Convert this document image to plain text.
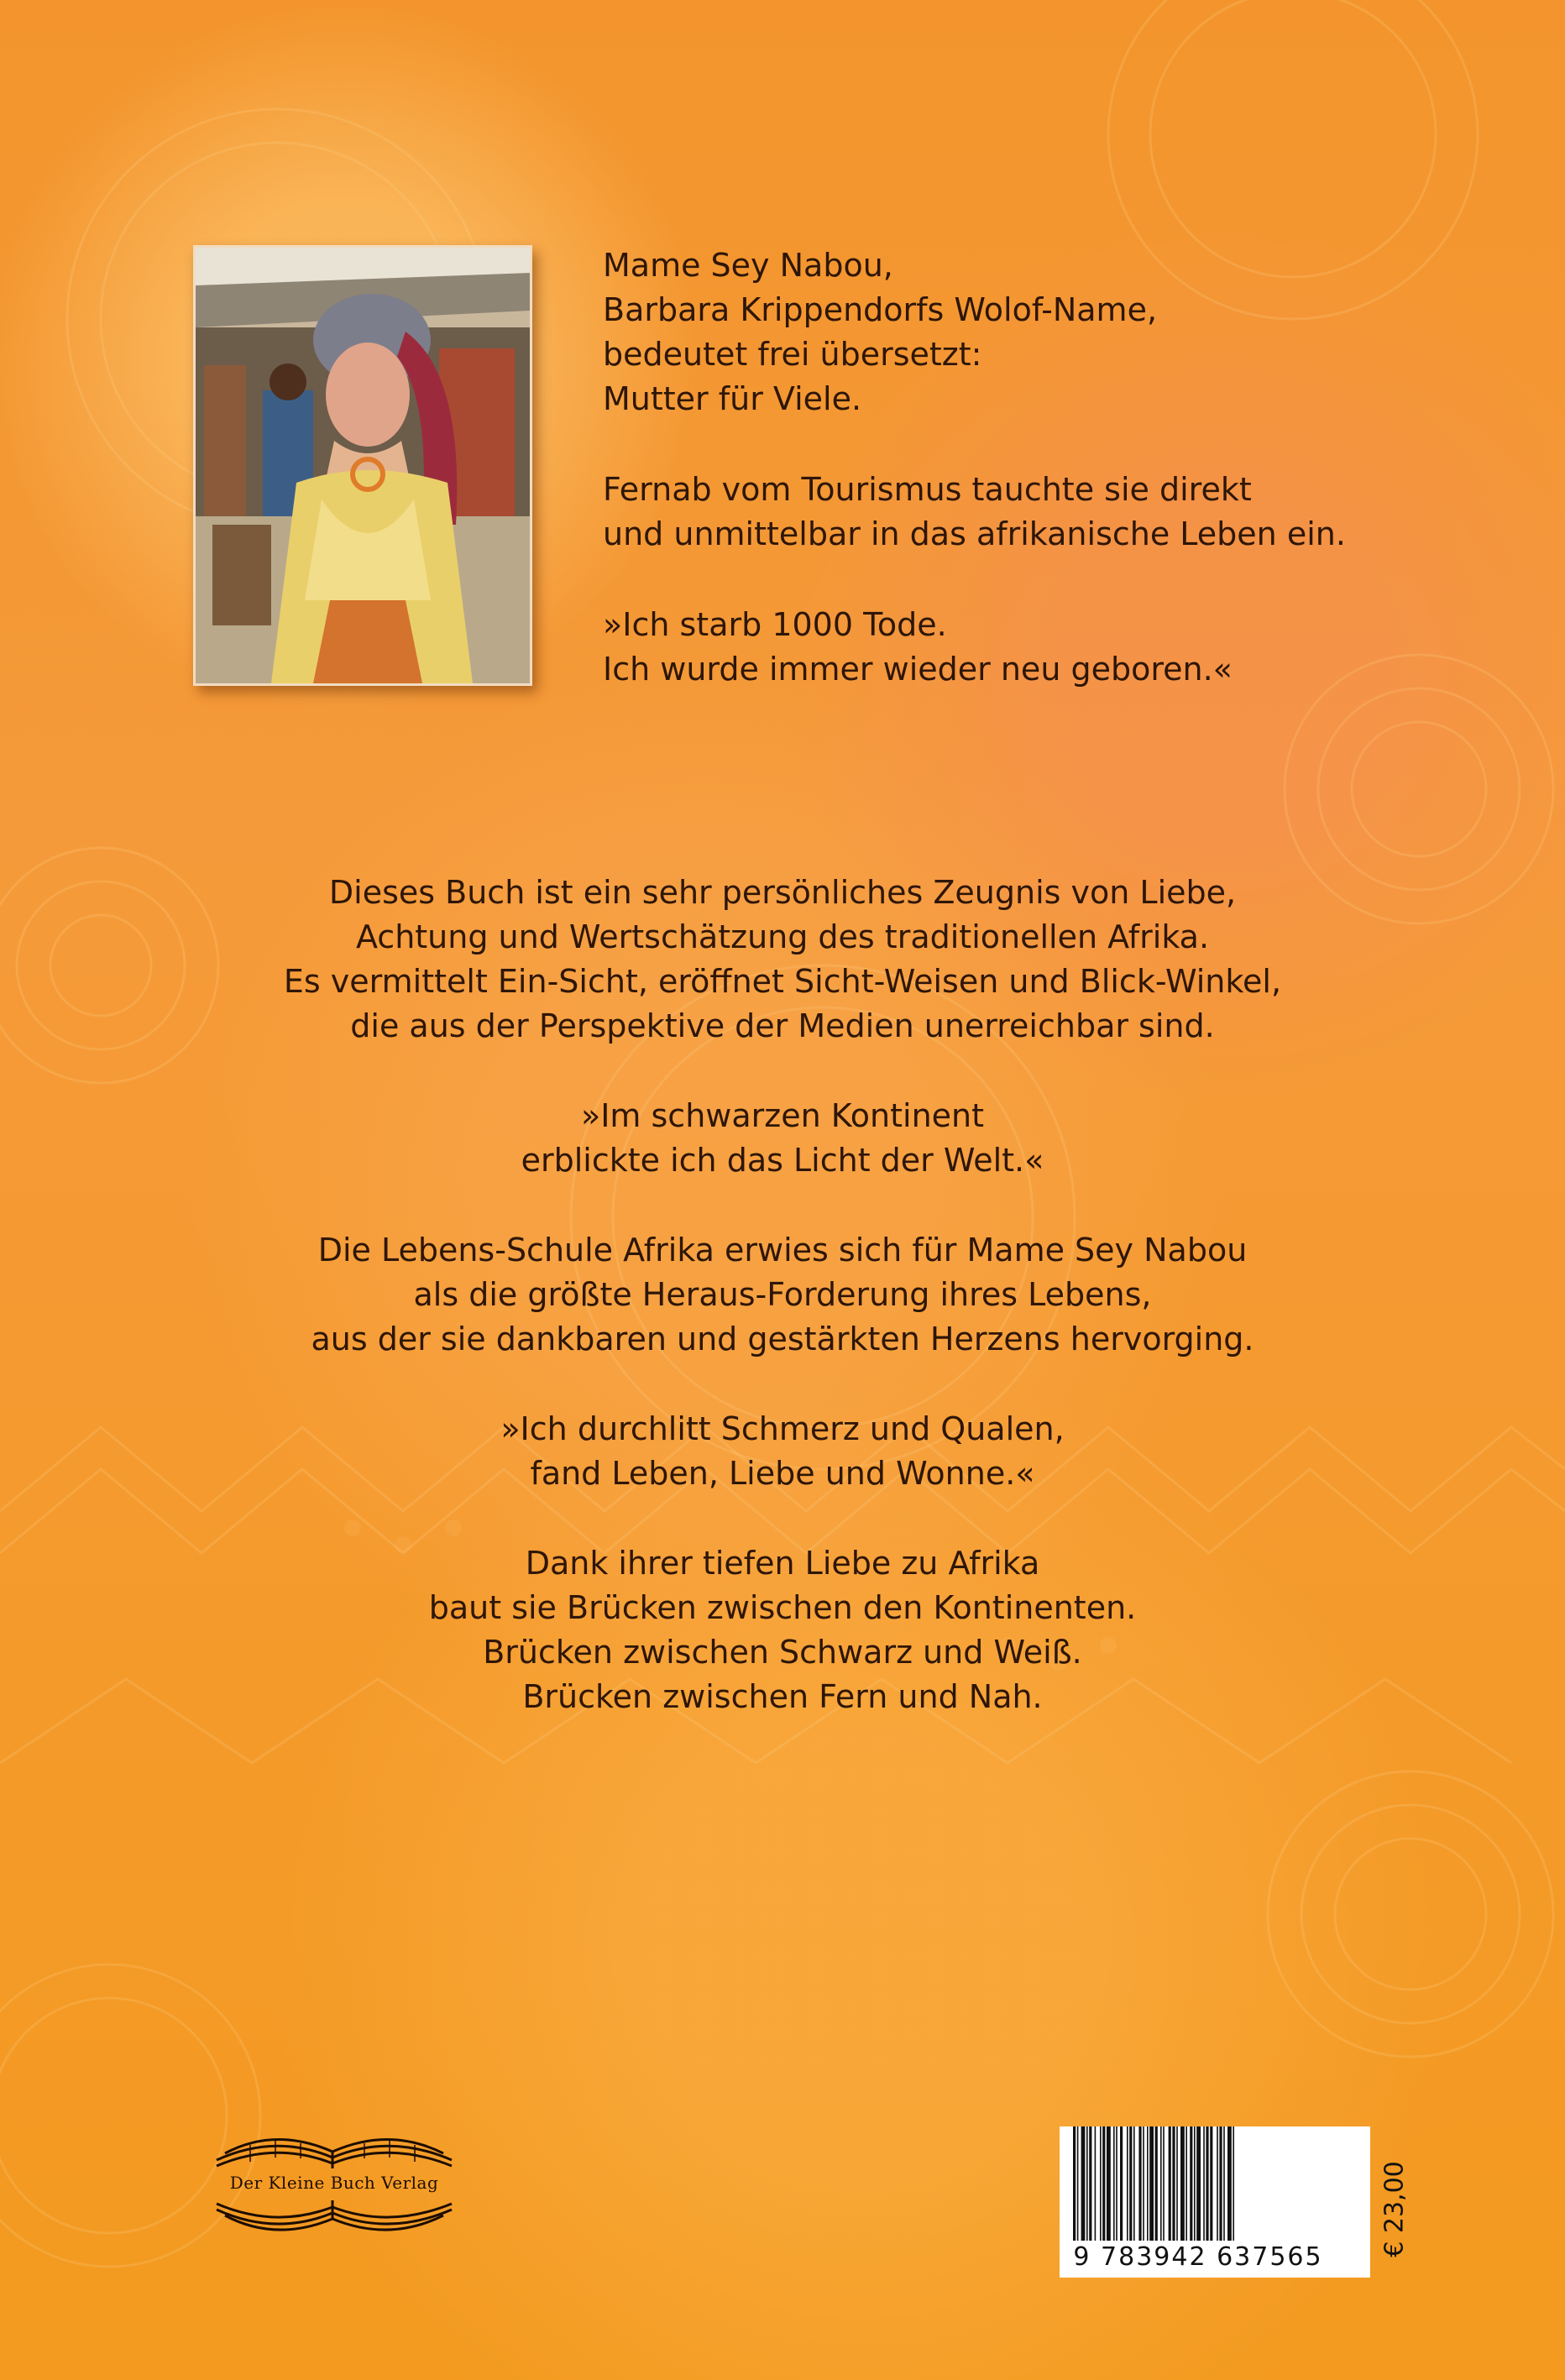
Mame Sey Nabou,
Barbara Krippendorfs Wolof-Name,
bedeutet frei übersetzt:
Mutter für Viele.

Fernab vom Tourismus tauchte sie direkt
und unmittelbar in das afrikanische Leben ein.

»Ich starb 1000 Tode.
Ich wurde immer wieder neu geboren.«

Dieses Buch ist ein sehr persönliches Zeugnis von Liebe,
Achtung und Wertschätzung des traditionellen Afrika.
Es vermittelt Ein-Sicht, eröffnet Sicht-Weisen und Blick-Winkel,
die aus der Perspektive der Medien unerreichbar sind.

»Im schwarzen Kontinent
erblickte ich das Licht der Welt.«

Die Lebens-Schule Afrika erwies sich für Mame Sey Nabou
als die größte Heraus-Forderung ihres Lebens,
aus der sie dankbaren und gestärkten Herzens hervorging.

»Ich durchlitt Schmerz und Qualen,
fand Leben, Liebe und Wonne.«

Dank ihrer tiefen Liebe zu Afrika
baut sie Brücken zwischen den Kontinenten.
Brücken zwischen Schwarz und Weiß.
Brücken zwischen Fern und Nah.

Der Kleine Buch Verlag
9 783942 637565	€ 23,00
